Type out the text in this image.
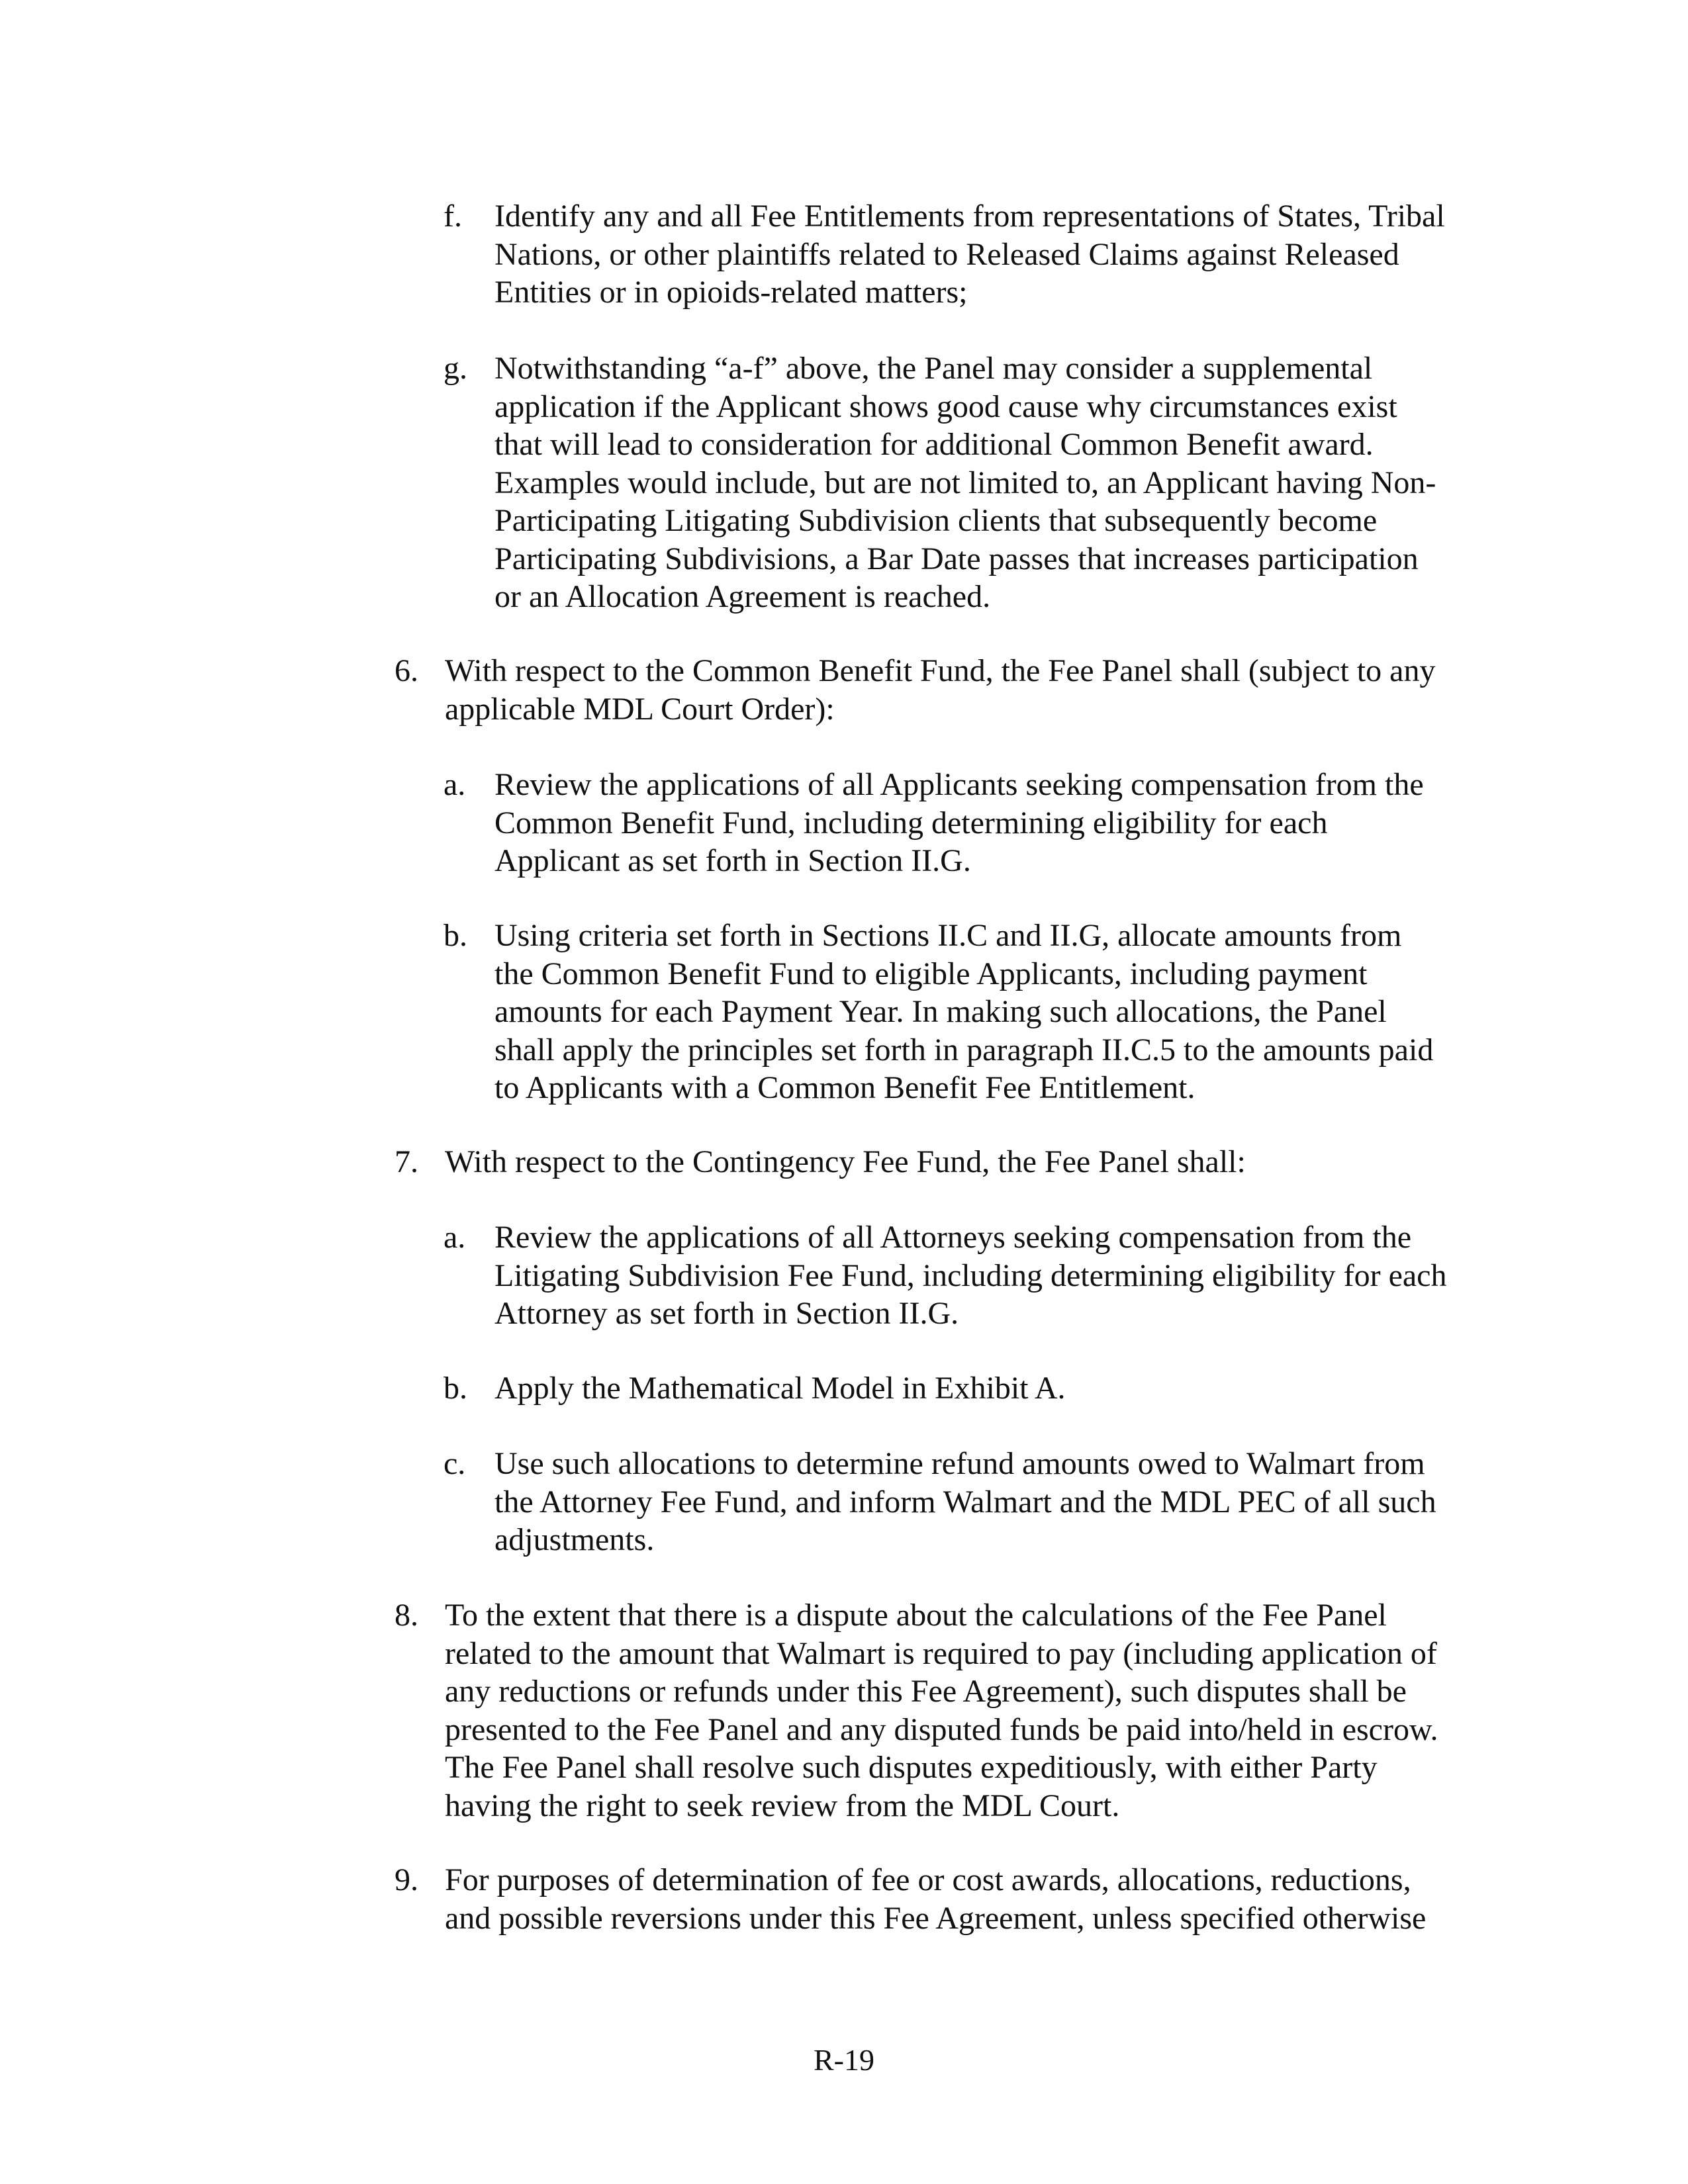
f. Identify any and all Fee Entitlements from representations of States, Tribal
Nations, or other plaintiffs related to Released Claims against Released
Entities or in opioids-related matters;

g. Notwithstanding “a-f” above, the Panel may consider a supplemental
application if the Applicant shows good cause why circumstances exist
that will lead to consideration for additional Common Benefit award.
Examples would include, but are not limited to, an Applicant having Non-
Participating Litigating Subdivision clients that subsequently become
Participating Subdivisions, a Bar Date passes that increases participation
or an Allocation Agreement is reached.

6. With respect to the Common Benefit Fund, the Fee Panel shall (subject to any
applicable MDL Court Order):

a. Review the applications of all Applicants seeking compensation from the
Common Benefit Fund, including determining eligibility for each
Applicant as set forth in Section II.G.

b. Using criteria set forth in Sections II.C and II.G, allocate amounts from
the Common Benefit Fund to eligible Applicants, including payment
amounts for each Payment Year. In making such allocations, the Panel
shall apply the principles set forth in paragraph II.C.5 to the amounts paid
to Applicants with a Common Benefit Fee Entitlement.

7. With respect to the Contingency Fee Fund, the Fee Panel shall:

a. Review the applications of all Attorneys seeking compensation from the
Litigating Subdivision Fee Fund, including determining eligibility for each
Attorney as set forth in Section II.G.

b. Apply the Mathematical Model in Exhibit A.

c. Use such allocations to determine refund amounts owed to Walmart from
the Attorney Fee Fund, and inform Walmart and the MDL PEC of all such
adjustments.

8. To the extent that there is a dispute about the calculations of the Fee Panel
related to the amount that Walmart is required to pay (including application of
any reductions or refunds under this Fee Agreement), such disputes shall be
presented to the Fee Panel and any disputed funds be paid into/held in escrow.
The Fee Panel shall resolve such disputes expeditiously, with either Party
having the right to seek review from the MDL Court.

9. For purposes of determination of fee or cost awards, allocations, reductions,
and possible reversions under this Fee Agreement, unless specified otherwise

R-19
